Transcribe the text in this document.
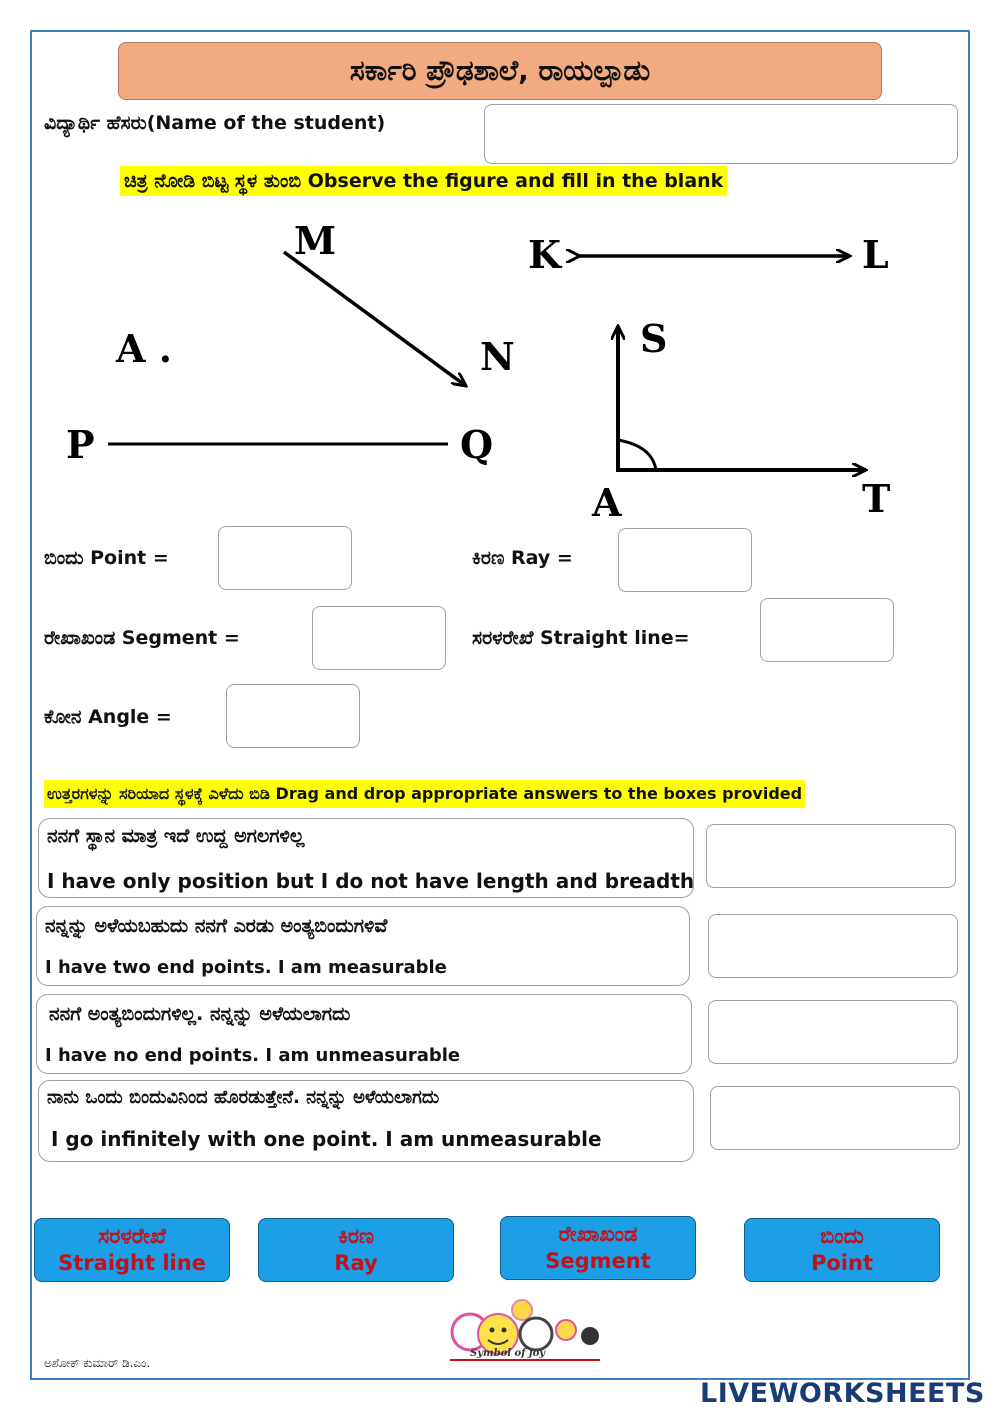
ಸರ್ಕಾರಿ ಪ್ರೌಢಶಾಲೆ, ರಾಯಲ್ಪಾಡು
ವಿದ್ಯಾರ್ಥಿ ಹೆಸರು(Name of the student)
ಚಿತ್ರ ನೋಡಿ ಬಿಟ್ಟ ಸ್ಥಳ ತುಂಬಿ Observe the figure and fill in the blank
M
N
K	L
A .
P	Q
S
A	T
ಬಿಂದು Point =	ಕಿರಣ Ray =
ರೇಖಾಖಂಡ Segment =	ಸರಳರೇಖೆ Straight line=
ಕೋನ Angle =
ಉತ್ತರಗಳನ್ನು ಸರಿಯಾದ ಸ್ಥಳಕ್ಕೆ ಎಳೆದು ಬಿಡಿ Drag and drop appropriate answers to the boxes provided
ನನಗೆ ಸ್ಥಾನ ಮಾತ್ರ ಇದೆ ಉದ್ದ ಅಗಲಗಳಿಲ್ಲ
I have only position but I do not have length and breadth
ನನ್ನನ್ನು ಅಳೆಯಬಹುದು ನನಗೆ ಎರಡು ಅಂತ್ಯಬಿಂದುಗಳಿವೆ
I have two end points. I am measurable
ನನಗೆ ಅಂತ್ಯಬಿಂದುಗಳಿಲ್ಲ. ನನ್ನನ್ನು ಅಳೆಯಲಾಗದು
I have no end points. I am unmeasurable
ನಾನು ಒಂದು ಬಿಂದುವಿನಿಂದ ಹೊರಡುತ್ತೇನೆ. ನನ್ನನ್ನು ಅಳೆಯಲಾಗದು
I go infinitely with one point. I am unmeasurable
ಸರಳರೇಖೆ
Straight line
ಕಿರಣ
Ray
ರೇಖಾಖಂಡ
Segment
ಬಿಂದು
Point
ಅಶೋಕ್ ಕುಮಾರ್ ಡಿ.ಎಂ.
Symbol of joy
LIVEWORKSHEETS
